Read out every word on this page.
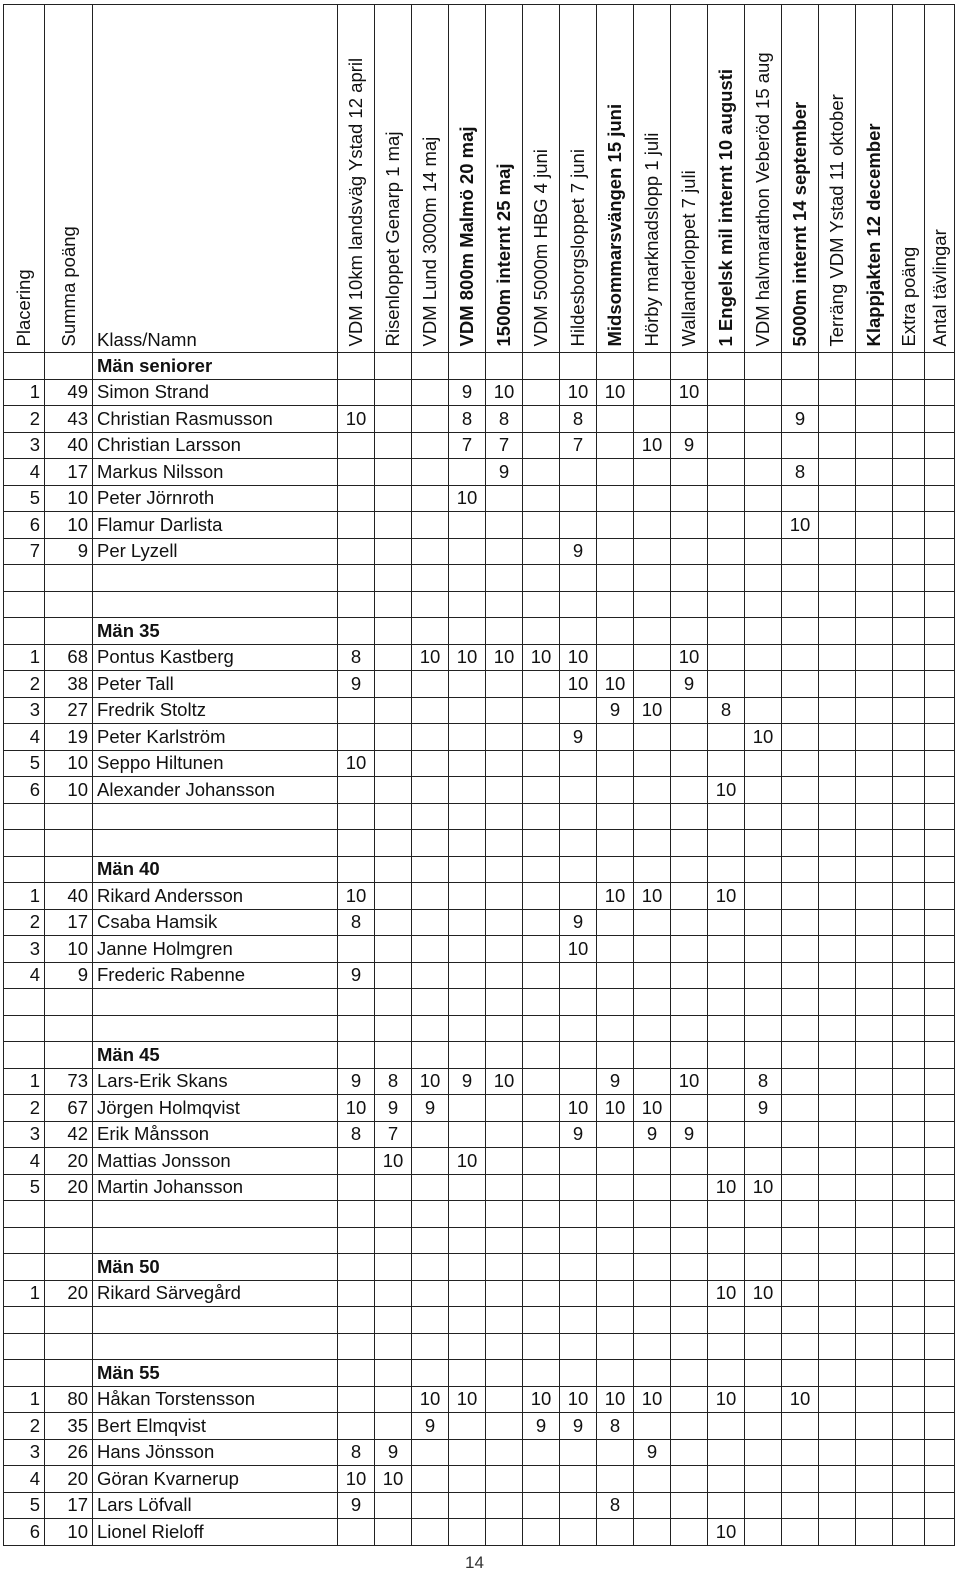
Placering	Summa poäng	Klass/Namn	VDM 10km landsväg Ystad 12 april	Risenloppet Genarp 1 maj	VDM Lund 3000m 14 maj	VDM 800m Malmö 20 maj	1500m internt 25 maj	VDM 5000m HBG 4 juni	Hildesborgsloppet 7 juni	Midsommarsvängen 15 juni	Hörby marknadslopp 1 juli	Wallanderloppet 7 juli	1 Engelsk mil internt 10 augusti	VDM halvmarathon Veberöd 15 aug	5000m internt 14 september	Terräng VDM Ystad 11 oktober	Klappjakten 12 december	Extra poäng	Antal tävlingar

		Män seniorer																	
1	49	Simon Strand				9	10		10	10		10							
2	43	Christian Rasmusson	10			8	8		8						9				
3	40	Christian Larsson				7	7		7		10	9							
4	17	Markus Nilsson					9								8				
5	10	Peter Jörnroth				10													
6	10	Flamur Darlista													10				
7	9	Per Lyzell							9										

		Män 35																	
1	68	Pontus Kastberg	8		10	10	10	10	10			10							
2	38	Peter Tall	9						10	10		9							
3	27	Fredrik Stoltz								9	10		8						
4	19	Peter Karlström							9					10					
5	10	Seppo Hiltunen	10																
6	10	Alexander Johansson											10						

		Män 40																	
1	40	Rikard Andersson	10							10	10		10						
2	17	Csaba Hamsik	8						9										
3	10	Janne Holmgren							10										
4	9	Frederic Rabenne	9																

		Män 45																	
1	73	Lars-Erik Skans	9	8	10	9	10			9		10		8					
2	67	Jörgen Holmqvist	10	9	9				10	10	10			9					
3	42	Erik Månsson	8	7					9		9	9							
4	20	Mattias Jonsson		10		10													
5	20	Martin Johansson											10	10					

		Män 50																	
1	20	Rikard Särvegård											10	10					

		Män 55																	
1	80	Håkan Torstensson			10	10		10	10	10	10		10		10				
2	35	Bert Elmqvist			9			9	9	8									
3	26	Hans Jönsson	8	9							9								
4	20	Göran Kvarnerup	10	10															
5	17	Lars Löfvall	9							8									
6	10	Lionel Rieloff											10						
14
